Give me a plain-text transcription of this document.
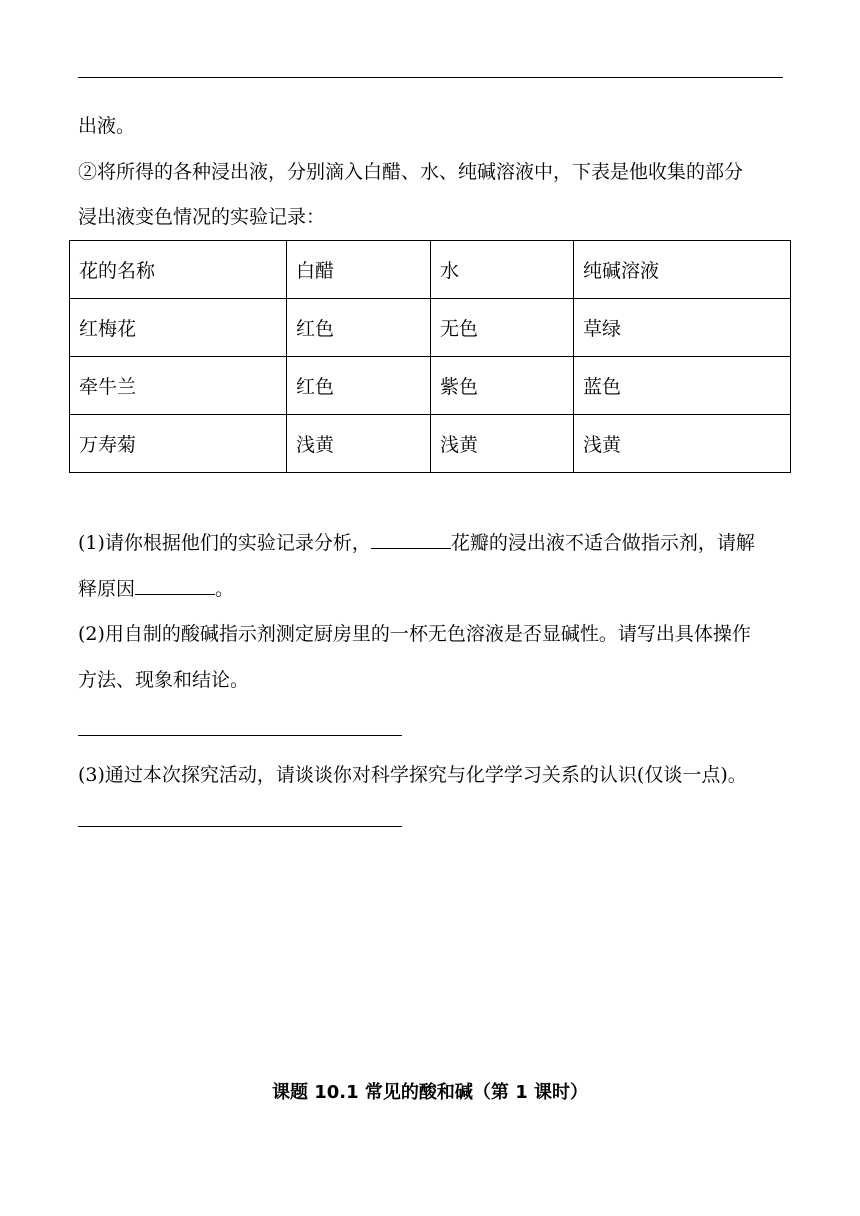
出液。
②将所得的各种浸出液，分别滴入白醋、水、纯碱溶液中，下表是他收集的部分
浸出液变色情况的实验记录：
花的名称	白醋	水	纯碱溶液
红梅花	红色	无色	草绿
牵牛兰	红色	紫色	蓝色
万寿菊	浅黄	浅黄	浅黄
(1)请你根据他们的实验记录分析，	花瓣的浸出液不适合做指示剂，请解
释原因	。
(2)用自制的酸碱指示剂测定厨房里的一杯无色溶液是否显碱性。请写出具体操作
方法、现象和结论。
(3)通过本次探究活动，请谈谈你对科学探究与化学学习关系的认识(仅谈一点)。
课题 10.1 常见的酸和碱（第 1 课时）
